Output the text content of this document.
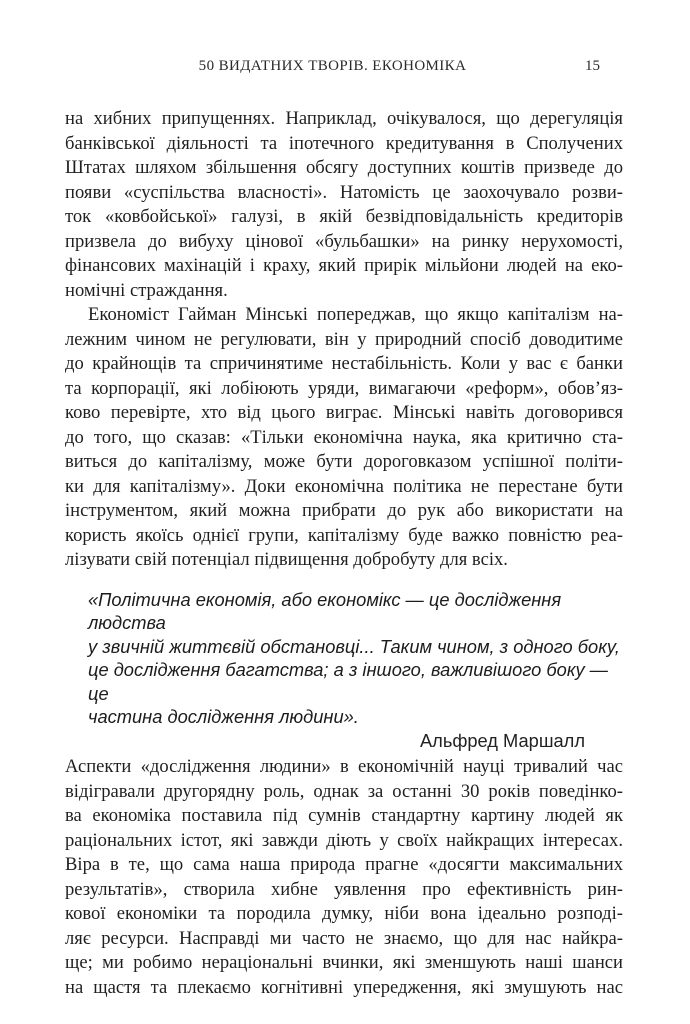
50 ВИДАТНИХ ТВОРІВ. ЕКОНОМІКА	15
на хибних припущеннях. Наприклад, очікувалося, що дерегуляція
банківської діяльності та іпотечного кредитування в Сполучених
Штатах шляхом збільшення обсягу доступних коштів призведе до
появи «суспільства власності». Натомість це заохочувало розви-
ток «ковбойської» галузі, в якій безвідповідальність кредиторів
призвела до вибуху цінової «бульбашки» на ринку нерухомості,
фінансових махінацій і краху, який прирік мільйони людей на еко-
номічні страждання.
Економіст Гайман Мінські попереджав, що якщо капіталізм на-
лежним чином не регулювати, він у природний спосіб доводитиме
до крайнощів та спричинятиме нестабільність. Коли у вас є банки
та корпорації, які лобіюють уряди, вимагаючи «реформ», обов’яз-
ково перевірте, хто від цього виграє. Мінські навіть договорився
до того, що сказав: «Тільки економічна наука, яка критично ста-
виться до капіталізму, може бути дороговказом успішної політи-
ки для капіталізму». Доки економічна політика не перестане бути
інструментом, який можна прибрати до рук або використати на
користь якоїсь однієї групи, капіталізму буде важко повністю реа-
лізувати свій потенціал підвищення добробуту для всіх.
«Політична економія, або економікс — це дослідження людства
у звичній життєвій обстановці... Таким чином, з одного боку,
це дослідження багатства; а з іншого, важливішого боку — це
частина дослідження людини».
Альфред Маршалл
Аспекти «дослідження людини» в економічній науці тривалий час
відігравали другорядну роль, однак за останні 30 років поведінко-
ва економіка поставила під сумнів стандартну картину людей як
раціональних істот, які завжди діють у своїх найкращих інтересах.
Віра в те, що сама наша природа прагне «досягти максимальних
результатів», створила хибне уявлення про ефективність рин-
кової економіки та породила думку, ніби вона ідеально розподі-
ляє ресурси. Насправді ми часто не знаємо, що для нас найкра-
ще; ми робимо нераціональні вчинки, які зменшують наші шанси
на щастя та плекаємо когнітивні упередження, які змушують нас
